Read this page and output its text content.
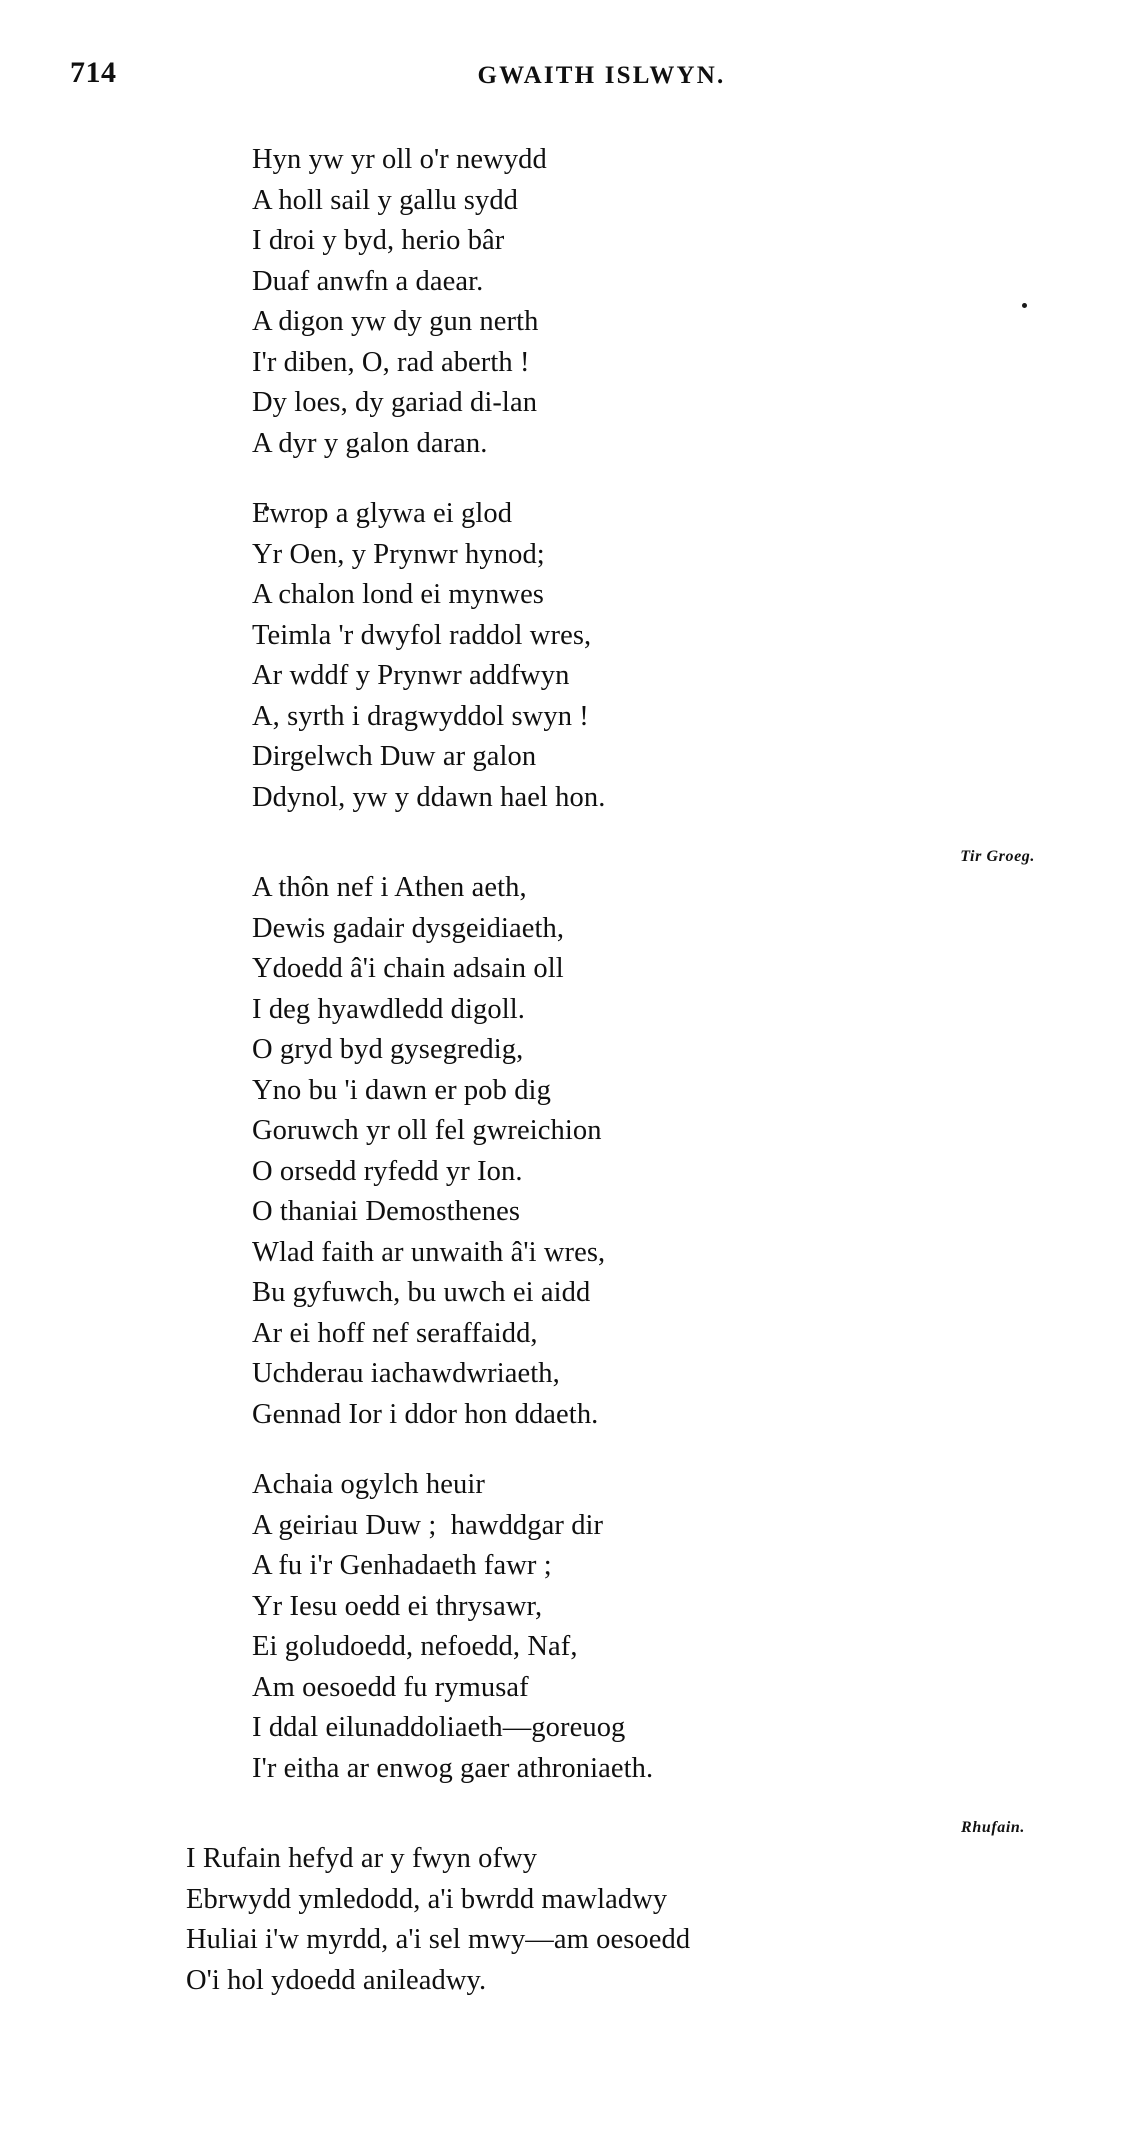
714	GWAITH ISLWYN.
Hyn yw yr oll o'r newydd
A holl sail y gallu sydd
I droi y byd, herio bâr
Duaf anwfn a daear.
A digon yw dy gun nerth
I'r diben, O, rad aberth !
Dy loes, dy gariad di-lan
A dyr y galon daran.
Ewrop a glywa ei glod
Yr Oen, y Prynwr hynod;
A chalon lond ei mynwes
Teimla 'r dwyfol raddol wres,
Ar wddf y Prynwr addfwyn
A, syrth i dragwyddol swyn !
Dirgelwch Duw ar galon
Ddynol, yw y ddawn hael hon.
Tir Groeg.
A thôn nef i Athen aeth,
Dewis gadair dysgeidiaeth,
Ydoedd â'i chain adsain oll
I deg hyawdledd digoll.
O gryd byd gysegredig,
Yno bu 'i dawn er pob dig
Goruwch yr oll fel gwreichion
O orsedd ryfedd yr Ion.
O thaniai Demosthenes
Wlad faith ar unwaith â'i wres,
Bu gyfuwch, bu uwch ei aidd
Ar ei hoff nef seraffaidd,
Uchderau iachawdwriaeth,
Gennad Ior i ddor hon ddaeth.
Achaia ogylch heuir
A geiriau Duw ;  hawddgar dir
A fu i'r Genhadaeth fawr ;
Yr Iesu oedd ei thrysawr,
Ei goludoedd, nefoedd, Naf,
Am oesoedd fu rymusaf
I ddal eilunaddoliaeth—goreuog
I'r eitha ar enwog gaer athroniaeth.
Rhufain.
I Rufain hefyd ar y fwyn ofwy
Ebrwydd ymledodd, a'i bwrdd mawladwy
Huliai i'w myrdd, a'i sel mwy—am oesoedd
O'i hol ydoedd anileadwy.
